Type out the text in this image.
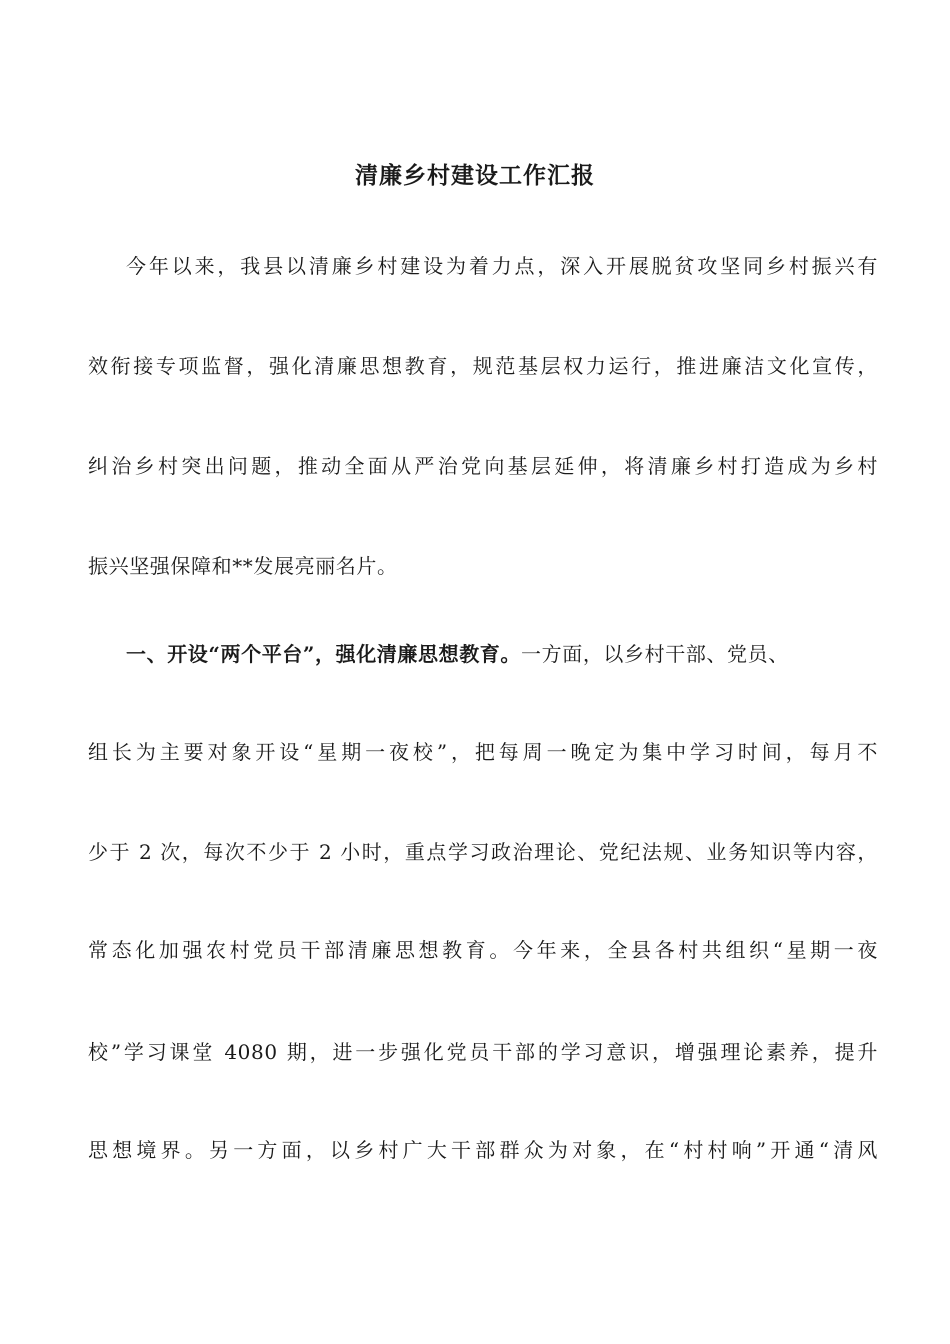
清廉乡村建设工作汇报
今年以来，我县以清廉乡村建设为着力点，深入开展脱贫攻坚同乡村振兴有
效衔接专项监督，强化清廉思想教育，规范基层权力运行，推进廉洁文化宣传，
纠治乡村突出问题，推动全面从严治党向基层延伸，将清廉乡村打造成为乡村
振兴坚强保障和**发展亮丽名片。
一、开设“两个平台”，强化清廉思想教育。一方面，以乡村干部、党员、
组长为主要对象开设“星期一夜校”，把每周一晚定为集中学习时间，每月不
少于 2 次，每次不少于 2 小时，重点学习政治理论、党纪法规、业务知识等内容，
常态化加强农村党员干部清廉思想教育。今年来，全县各村共组织“星期一夜
校”学习课堂 4080 期，进一步强化党员干部的学习意识，增强理论素养，提升
思想境界。另一方面，以乡村广大干部群众为对象，在“村村响”开通“清风
